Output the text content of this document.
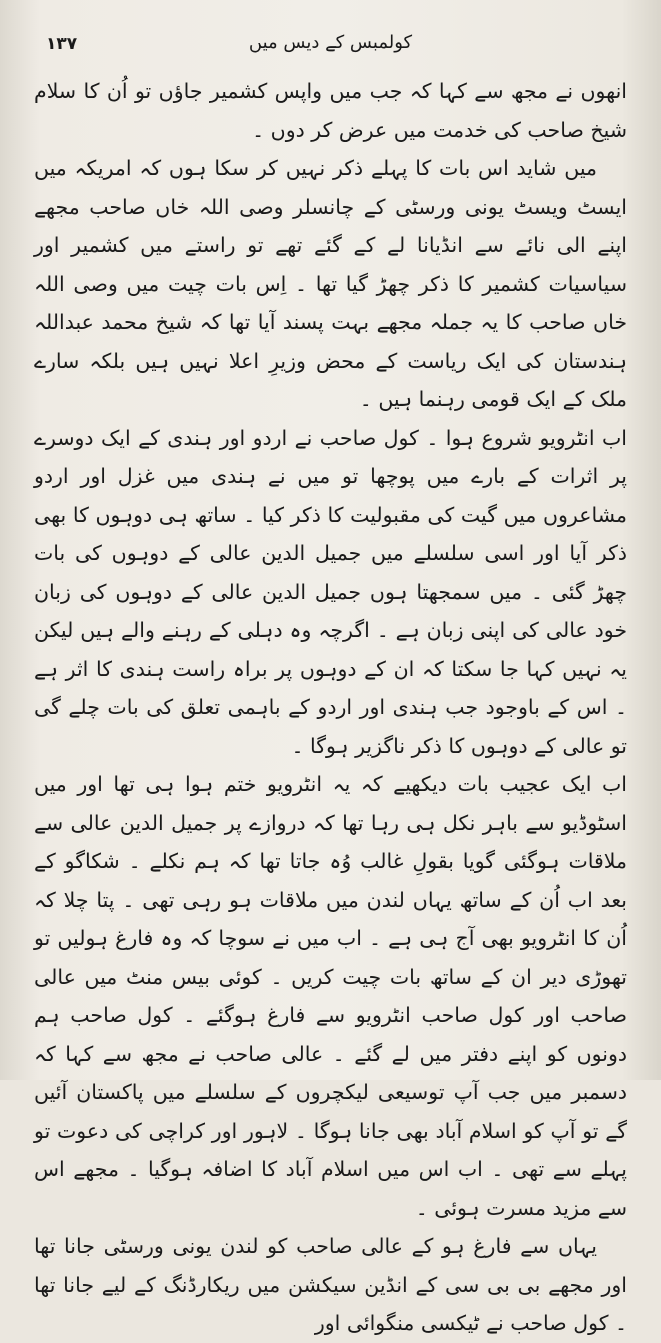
۱۳۷	کولمبس کے دیس میں

انھوں نے مجھ سے کہا کہ جب میں واپس کشمیر جاؤں تو اُن کا سلام شیخ صاحب کی خدمت میں عرض کر دوں ۔

میں شاید اس بات کا پہلے ذکر نہیں کر سکا ہوں کہ امریکہ میں ایسٹ ویسٹ یونی ورسٹی کے چانسلر وصی اللہ خاں صاحب مجھے اپنے الی نائے سے انڈیانا لے کے گئے تھے تو راستے میں کشمیر اور سیاسیات کشمیر کا ذکر چھڑ گیا تھا ۔ اِس بات چیت میں وصی اللہ خاں صاحب کا یہ جملہ مجھے بہت پسند آیا تھا کہ شیخ محمد عبداللہ ہندستان کی ایک ریاست کے محض وزیرِ اعلا نہیں ہیں بلکہ سارے ملک کے ایک قومی رہنما ہیں ۔

اب انٹرویو شروع ہوا ۔ کول صاحب نے اردو اور ہندی کے ایک دوسرے پر اثرات کے بارے میں پوچھا تو میں نے ہندی میں غزل اور اردو مشاعروں میں گیت کی مقبولیت کا ذکر کیا ۔ ساتھ ہی دوہوں کا بھی ذکر آیا اور اسی سلسلے میں جمیل الدین عالی کے دوہوں کی بات چھڑ گئی ۔ میں سمجھتا ہوں جمیل الدین عالی کے دوہوں کی زبان خود عالی کی اپنی زبان ہے ۔ اگرچہ وہ دہلی کے رہنے والے ہیں لیکن یہ نہیں کہا جا سکتا کہ ان کے دوہوں پر براہ راست ہندی کا اثر ہے ۔ اس کے باوجود جب ہندی اور اردو کے باہمی تعلق کی بات چلے گی تو عالی کے دوہوں کا ذکر ناگزیر ہوگا ۔

اب ایک عجیب بات دیکھیے کہ یہ انٹرویو ختم ہوا ہی تھا اور میں اسٹوڈیو سے باہر نکل ہی رہا تھا کہ دروازے پر جمیل الدین عالی سے ملاقات ہوگئی گویا بقولِ غالب وُہ جاتا تھا کہ ہم نکلے ۔ شکاگو کے بعد اب اُن کے ساتھ یہاں لندن میں ملاقات ہو رہی تھی ۔ پتا چلا کہ اُن کا انٹرویو بھی آج ہی ہے ۔ اب میں نے سوچا کہ وہ فارغ ہولیں تو تھوڑی دیر ان کے ساتھ بات چیت کریں ۔ کوئی بیس منٹ میں عالی صاحب اور کول صاحب انٹرویو سے فارغ ہوگئے ۔ کول صاحب ہم دونوں کو اپنے دفتر میں لے گئے ۔ عالی صاحب نے مجھ سے کہا کہ دسمبر میں جب آپ توسیعی لیکچروں کے سلسلے میں پاکستان آئیں گے تو آپ کو اسلام آباد بھی جانا ہوگا ۔ لاہور اور کراچی کی دعوت تو پہلے سے تھی ۔ اب اس میں اسلام آباد کا اضافہ ہوگیا ۔ مجھے اس سے مزید مسرت ہوئی ۔

یہاں سے فارغ ہو کے عالی صاحب کو لندن یونی ورسٹی جانا تھا اور مجھے بی بی سی کے انڈین سیکشن میں ریکارڈنگ کے لیے جانا تھا ۔ کول صاحب نے ٹیکسی منگوائی اور
